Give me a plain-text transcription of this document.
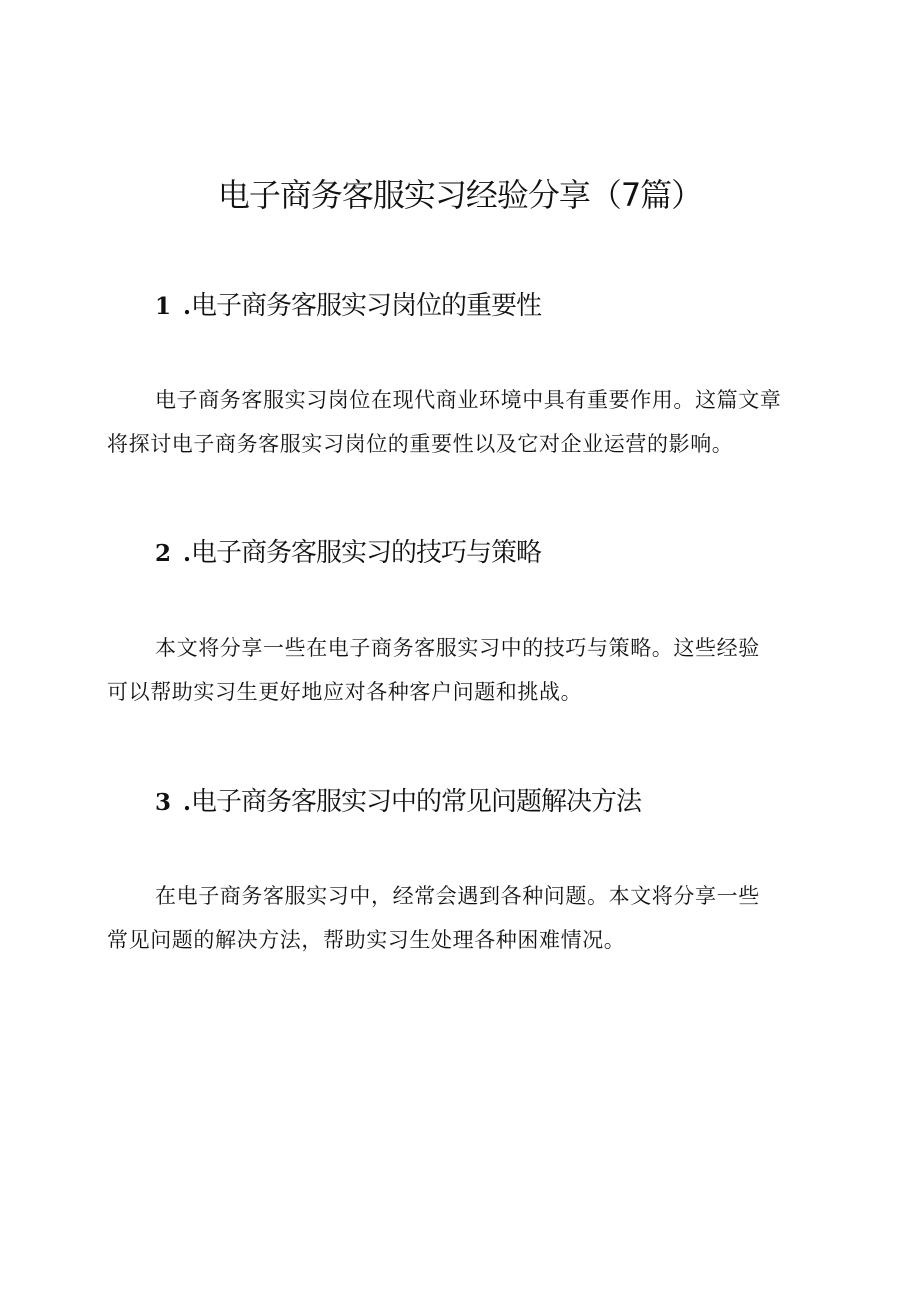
电子商务客服实习经验分享（7篇）
1 .电子商务客服实习岗位的重要性

电子商务客服实习岗位在现代商业环境中具有重要作用。这篇文章
将探讨电子商务客服实习岗位的重要性以及它对企业运营的影响。

2 .电子商务客服实习的技巧与策略

本文将分享一些在电子商务客服实习中的技巧与策略。这些经验
可以帮助实习生更好地应对各种客户问题和挑战。

3 .电子商务客服实习中的常见问题解决方法

在电子商务客服实习中，经常会遇到各种问题。本文将分享一些
常见问题的解决方法，帮助实习生处理各种困难情况。
